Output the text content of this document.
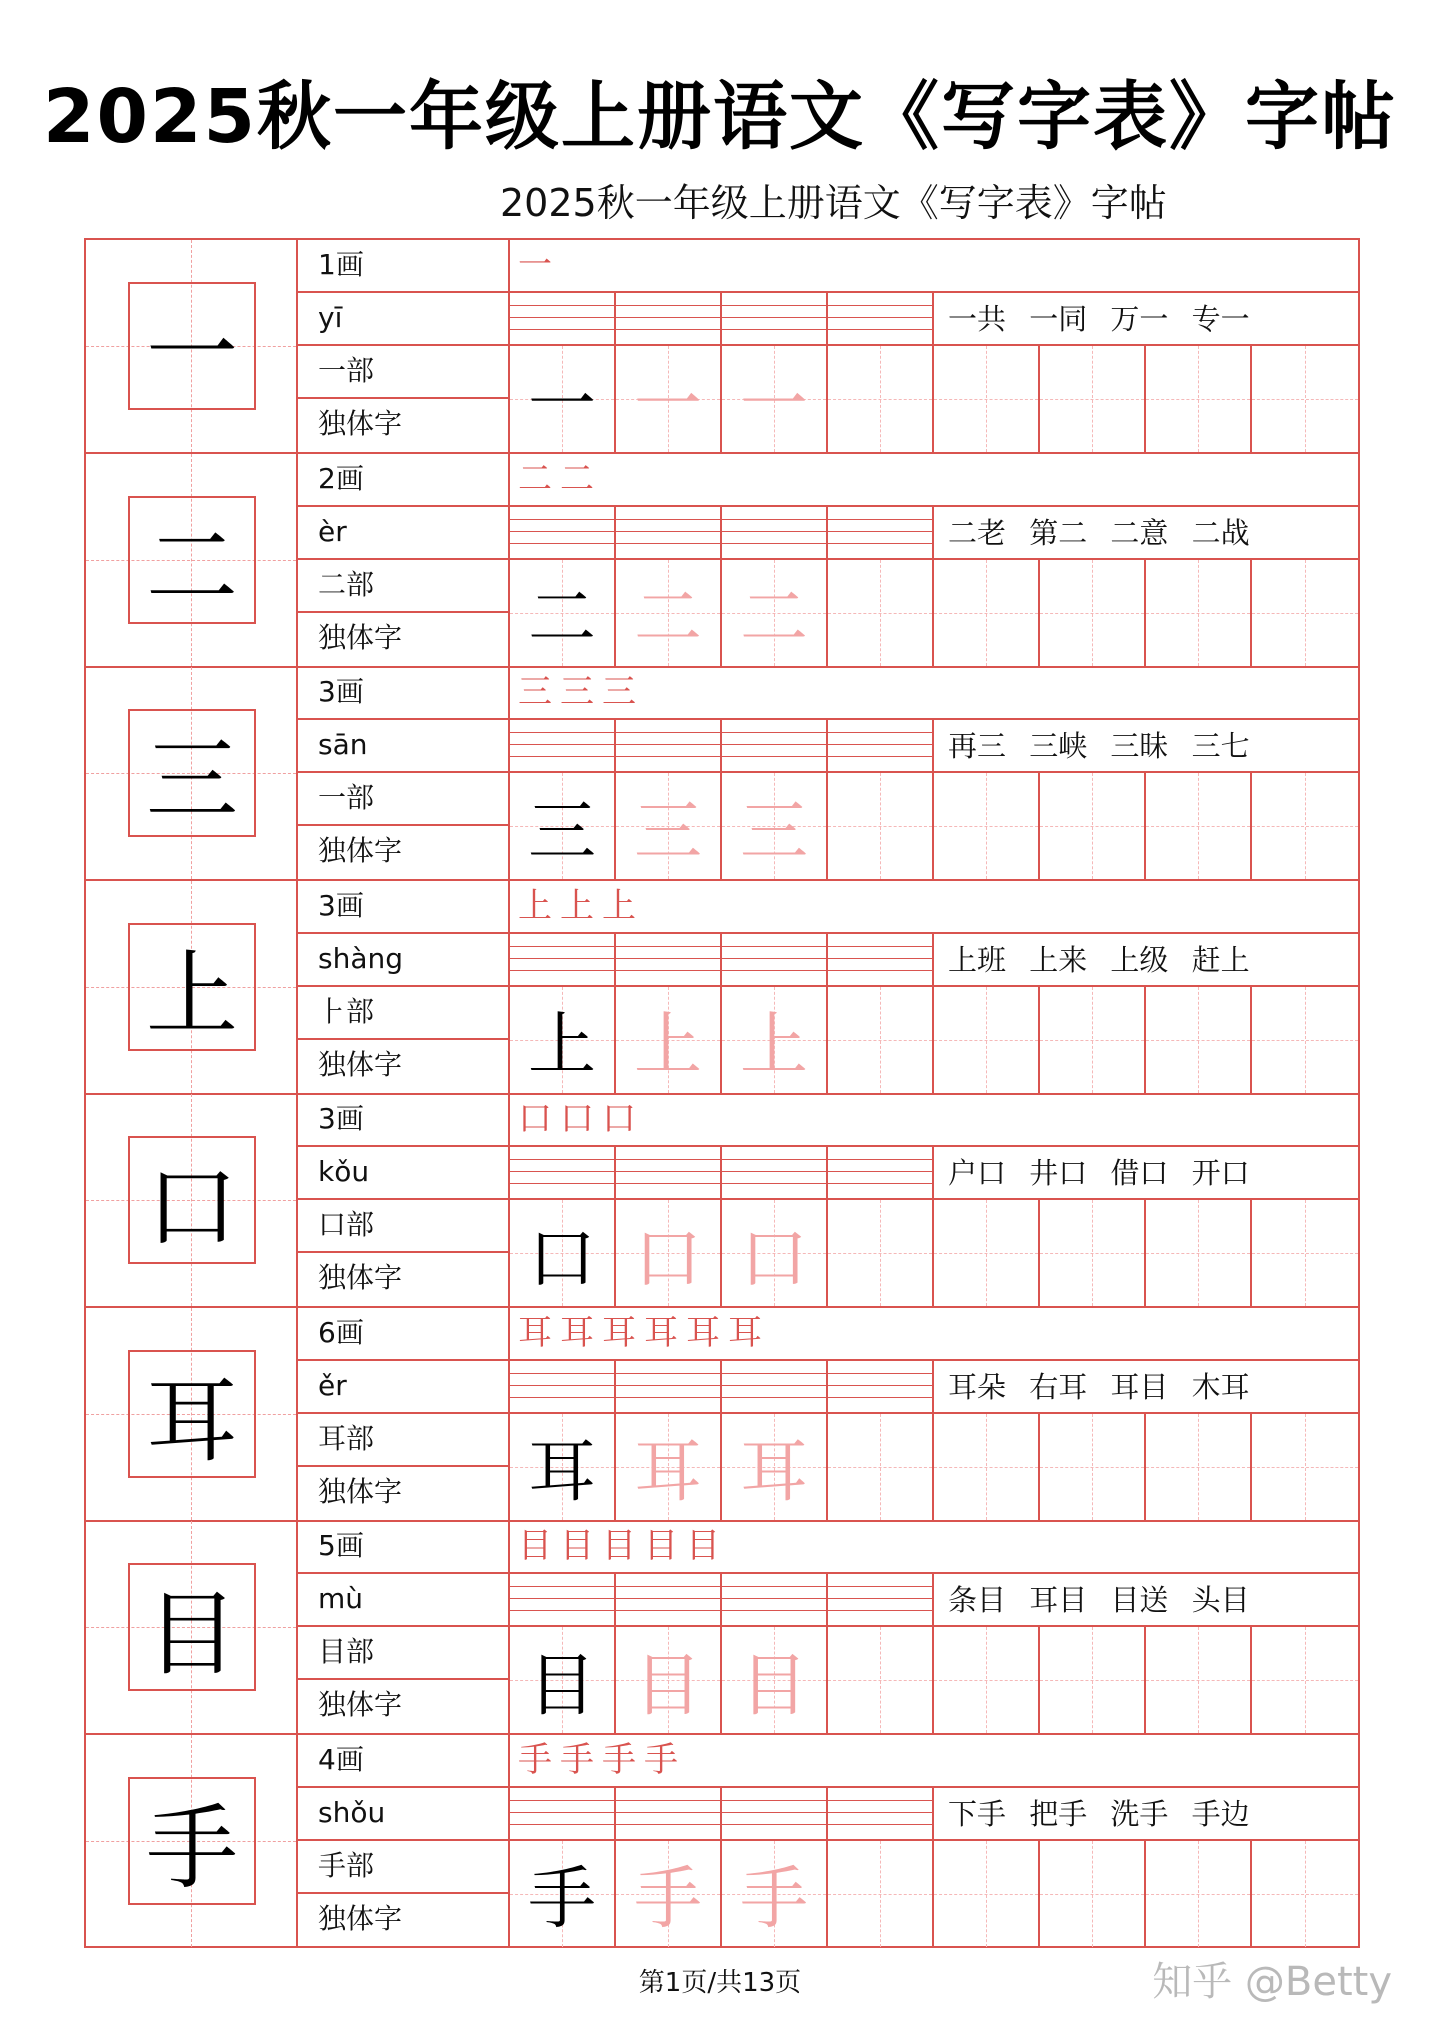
2025秋一年级上册语文《写字表》字帖
2025秋一年级上册语文《写字表》字帖
一
1画
yī
一部
独体字
一
一共 一同 万一 专一
一 一 一
二
2画
èr
二部
独体字
二二
二老 第二 二意 二战
二 二 二
三
3画
sān
一部
独体字
三三三
再三 三峡 三昧 三七
三 三 三
上
3画
shàng
⺊部
独体字
上上上
上班 上来 上级 赶上
上 上 上
口
3画
kǒu
口部
独体字
口口口
户口 井口 借口 开口
口 口 口
耳
6画
ěr
耳部
独体字
耳耳耳耳耳耳
耳朵 右耳 耳目 木耳
耳 耳 耳
目
5画
mù
目部
独体字
目目目目目
条目 耳目 目送 头目
目 目 目
手
4画
shǒu
手部
独体字
手手手手
下手 把手 洗手 手边
手 手 手
第1页/共13页	知乎 @Betty
